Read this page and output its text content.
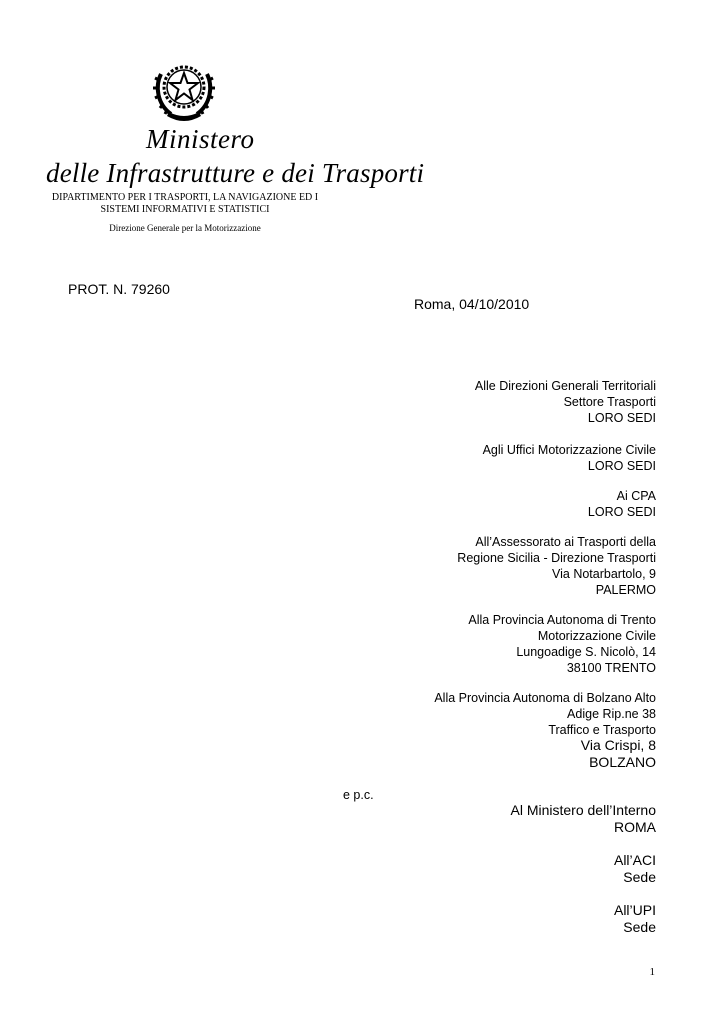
Ministero
delle Infrastrutture e dei Trasporti
DIPARTIMENTO PER I TRASPORTI, LA NAVIGAZIONE ED I
SISTEMI INFORMATIVI E STATISTICI
Direzione Generale per la Motorizzazione
PROT. N. 79260
Roma, 04/10/2010
Alle Direzioni Generali Territoriali
Settore Trasporti
LORO SEDI
Agli Uffici Motorizzazione Civile
LORO SEDI
Ai CPA
LORO SEDI
All’Assessorato ai Trasporti della
Regione Sicilia - Direzione Trasporti
Via Notarbartolo, 9
PALERMO
Alla Provincia Autonoma di Trento
Motorizzazione Civile
Lungoadige S. Nicolò, 14
38100 TRENTO
Alla Provincia Autonoma di Bolzano Alto
Adige Rip.ne 38
Traffico e Trasporto
Via Crispi, 8
BOLZANO
e p.c.
Al Ministero dell’Interno
ROMA
All’ACI
Sede
All’UPI
Sede
1
